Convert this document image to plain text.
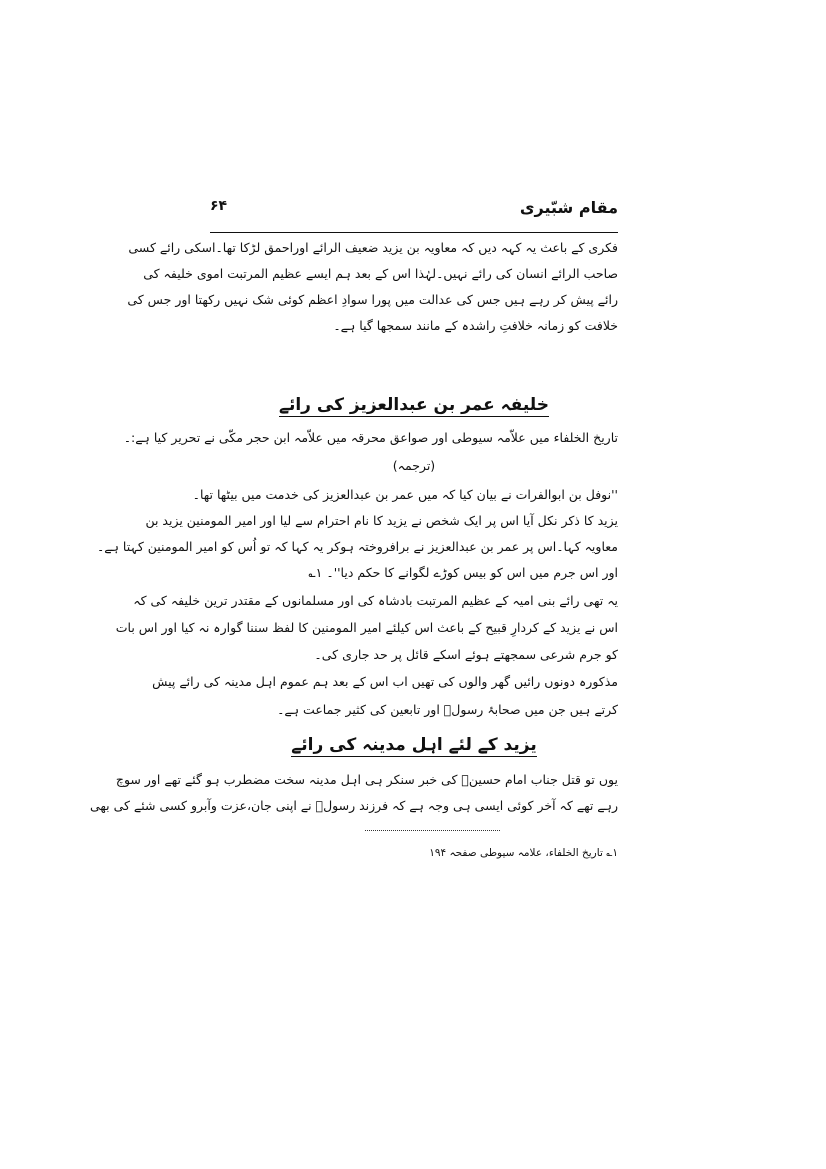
مقام شبّیری
۶۴
فکری کے باعث یہ کہہ دیں کہ معاویہ بن یزید ضعیف الرائے اوراحمق لڑکا تھا۔اسکی رائے کسی
صاحب الرائے انسان کی رائے نہیں۔لہٰذا اس کے بعد ہم ایسے عظیم المرتبت اموی خلیفہ کی
رائے پیش کر رہے ہیں جس کی عدالت میں پورا سوادِ اعظم کوئی شک نہیں رکھتا اور جس کی
خلافت کو زمانہ خلافتِ راشدہ کے مانند سمجھا گیا ہے۔
خلیفہ عمر بن عبدالعزیز کی رائے
تاریخ الخلفاء میں علاّمہ سیوطی اور صواعق محرقہ میں علاّمہ ابن حجر مکّی نے تحریر کیا ہے:۔
(ترجمہ)
''نوفل بن ابوالفرات نے بیان کیا کہ میں عمر بن عبدالعزیز کی خدمت میں بیٹھا تھا۔
یزید کا ذکر نکل آیا اس پر ایک شخص نے یزید کا نام احترام سے لیا اور امیر المومنین یزید بن
معاویہ کہا۔اس پر عمر بن عبدالعزیز نے برافروختہ ہوکر یہ کہا کہ تو اُس کو امیر المومنین کہتا ہے۔
اور اس جرم میں اس کو بیس کوڑے لگوانے کا حکم دیا''۔ ۱؎
یہ تھی رائے بنی امیہ کے عظیم المرتبت بادشاہ کی اور مسلمانوں کے مقتدر ترین خلیفہ کی کہ
اس نے یزید کے کردارِ قبیح کے باعث اس کیلئے امیر المومنین کا لفظ سننا گوارہ نہ کیا اور اس بات
کو جرم شرعی سمجھتے ہوئے اسکے قائل پر حد جاری کی۔
مذکورہ دونوں رائیں گھر والوں کی تھیں اب اس کے بعد ہم عموم اہل مدینہ کی رائے پیش
کرتے ہیں جن میں صحابۂ رسولؐ اور تابعین کی کثیر جماعت ہے۔
یزید کے لئے اہل مدینہ کی رائے
یوں تو قتل جناب امام حسینؑ کی خبر سنکر ہی اہل مدینہ سخت مضطرب ہو گئے تھے اور سوچ
رہے تھے کہ آخر کوئی ایسی ہی وجہ ہے کہ فرزند رسولؐ نے اپنی جان،عزت وآبرو کسی شئے کی بھی
۱؎ تاریخ الخلفاء، علامہ سیوطی صفحہ ۱۹۴
